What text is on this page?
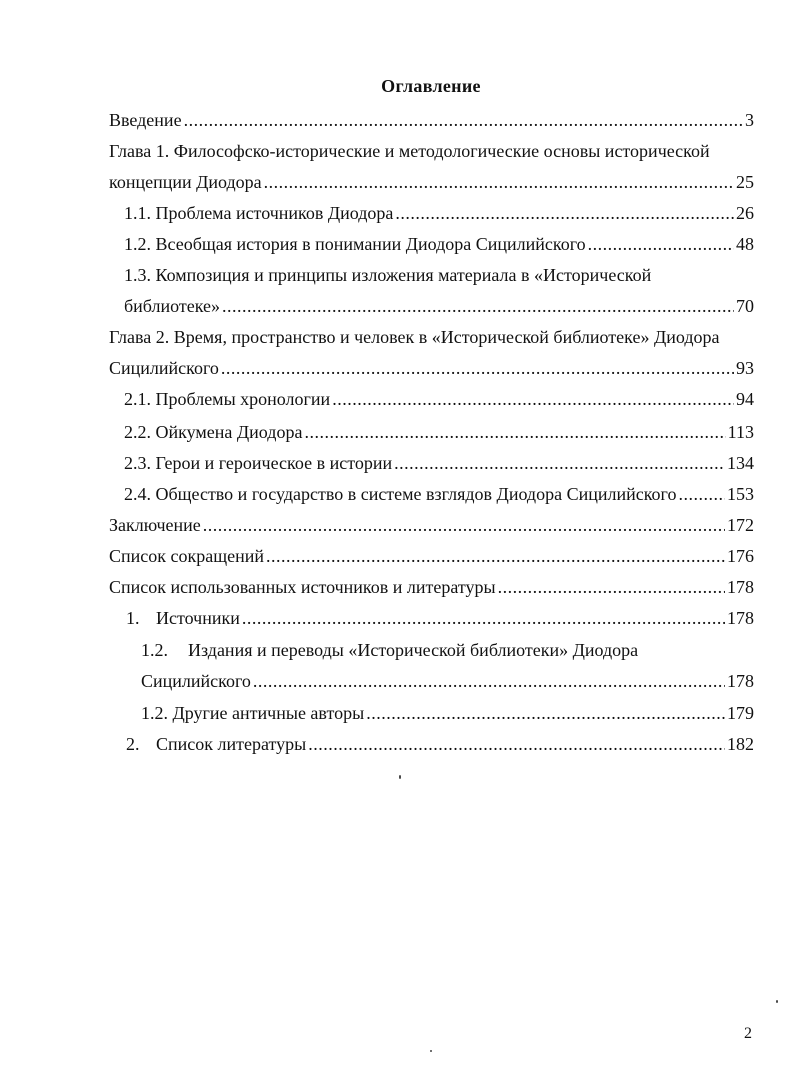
Оглавление
Введение .....	3
Глава 1. Философско-исторические и методологические основы исторической
концепции Диодора .....	25
1.1. Проблема источников Диодора .....	26
1.2. Всеобщая история в понимании Диодора Сицилийского .....	48
1.3. Композиция и принципы изложения материала в «Исторической
библиотеке» .....	70
Глава 2. Время, пространство и человек в «Исторической библиотеке» Диодора
Сицилийского .....	93
2.1. Проблемы хронологии .....	94
2.2. Ойкумена Диодора .....	113
2.3. Герои и героическое в истории .....	134
2.4. Общество и государство в системе взглядов Диодора Сицилийского .....	153
Заключение .....	172
Список сокращений .....	176
Список использованных источников и литературы .....	178
1. Источники .....	178
1.2. Издания и переводы «Исторической библиотеки» Диодора
Сицилийского .....	178
1.2. Другие античные авторы .....	179
2. Список литературы .....	182
2
